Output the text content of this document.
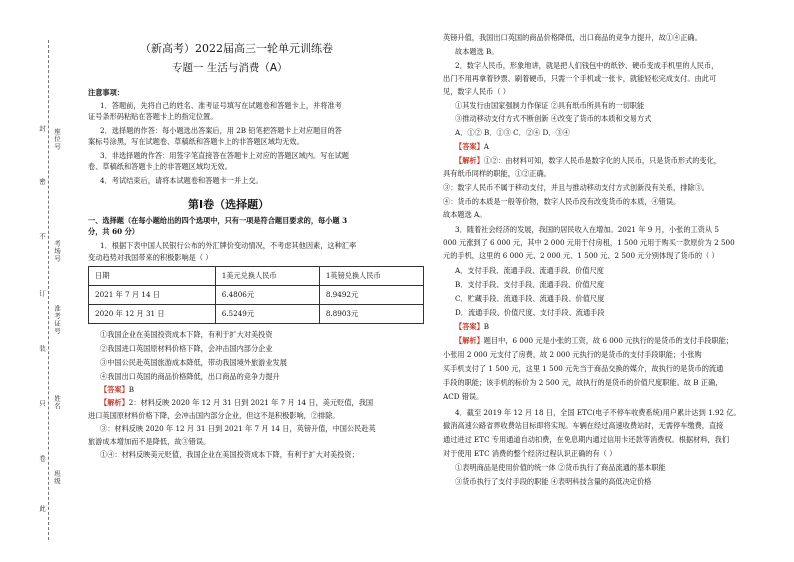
封
密
不
订
装
只
卷
此
座位号
考场号
准考证号
姓名
班级
（新高考）2022届高三一轮单元训练卷
专题一 生活与消费（A）
注意事项：
1．答题前，先将自己的姓名、准考证号填写在试题卷和答题卡上，并将准考
证号条形码粘贴在答题卡上的指定位置。
2．选择题的作答：每小题选出答案后，用 2B 铅笔把答题卡上对应题目的答
案标号涂黑，写在试题卷、草稿纸和答题卡上的非答题区域均无效。
3．非选择题的作答：用签字笔直接答在答题卡上对应的答题区域内。写在试题
卷、草稿纸和答题卡上的非答题区域均无效。
4．考试结束后，请将本试题卷和答题卡一并上交。
第Ⅰ卷（选择题）
一、选择题（在每小题给出的四个选项中，只有一项是符合题目要求的，每小题 3
分，共 60 分）
1．根据下表中国人民银行公布的外汇牌价变动情况，不考虑其他因素，这种汇率
变动趋势对我国带来的积极影响是（ ）
日期	1美元兑换人民币	1英镑兑换人民币
2021 年 7 月 14 日	6.4806元	8.9492元
2020 年 12 月 31 日	6.5249元	8.8903元
①我国企业在美国投资成本下降，有利于扩大对美投资
②我国进口英国原材料价格下降，会冲击国内部分企业
③中国公民赴英国旅游成本降低，带动我国境外旅游业发展
④我国出口英国的商品价格降低，出口商品的竞争力提升
【答案】B
【解析】2：材料反映 2020 年 12 月 31 日到 2021 年 7 月 14 日，美元贬值，我国
进口英国原材料价格下降，会冲击国内部分企业，但这不是积极影响，②排除。
③：材料反映 2020 年 12 月 31 日到 2021 年 7 月 14 日，英镑升值，中国公民赴英
旅游成本增加而不是降低，故③错误。
①④：材料反映美元贬值，我国企业在美国投资成本下降，有利于扩大对美投资；
英镑升值，我国出口英国的商品价格降低，出口商品的竞争力提升，故①④正确。
故本题选 B。
2．数字人民币，形象地讲，就是把人们钱包中的纸钞、硬币变成手机里的人民币，
出门不用再拿着钞票、刷着硬币，只需一个手机或一张卡，就能轻松完成支付。由此可
见，数字人民币（ ）
①其发行由国家强制力作保证 ②具有纸币所具有的一切职能
③推动移动支付方式不断创新 ④改变了货币的本质和交易方式
A．①② B．①③ C．②④ D．③④
【答案】A
【解析】①②：由材料可知，数字人民币是数字化的人民币，只是货币形式的变化，
具有纸币同样的职能，①②正确。
③：数字人民币不属于移动支付，并且与推动移动支付方式创新没有关系，排除③。
④：货币的本质是一般等价物，数字人民币没有改变货币的本质，④错误。
故本题选 A。
3．随着社会经济的发展，我国的居民收入在增加。2021 年 9 月，小张的工资从 5
000 元涨到了 6 000 元，其中 2 000 元用于付房租，1 500 元用于购买一款原价为 2 500
元的手机，这里的 6 000 元、2 000 元、1 500 元、2 500 元分别体现了货币的（ ）
A．支付手段、流通手段、流通手段、价值尺度
B．支付手段、支付手段、流通手段、价值尺度
C．贮藏手段、流通手段、流通手段、价值尺度
D．流通手段、价值尺度、支付手段、流通手段
【答案】B
【解析】题目中，6 000 元是小张的工资，故 6 000 元执行的是货币的支付手段职能；
小张用 2 000 元支付了房费，故 2 000 元执行的是货币的支付手段职能；小张购
买手机支付了 1 500 元，这里 1 500 元先当于商品交换的媒介，故执行的是货币的流通
手段的职能；该手机的标价为 2 500 元，故执行的是货币的价值尺度职能。故 B 正确，
ACD 错误。
4．截至 2019 年 12 月 18 日，全国 ETC(电子不停车收费系统)用户累计达到 1.92 亿。
撤消高速公路省界收费站目标即将实现。车辆在经过高速收费站时，无需停车缴费，直接
通过进过 ETC 专用通道自动扣费，在免息期内通过信用卡还款等消费权。根据材料，我们
对于使用 ETC 消费的整个经济过程认识正确的有（ ）
①表明商品是使用价值的统一体 ②货币执行了商品流通的基本职能
③货币执行了支付手段的职能 ④表明科技含量的高低决定价格
